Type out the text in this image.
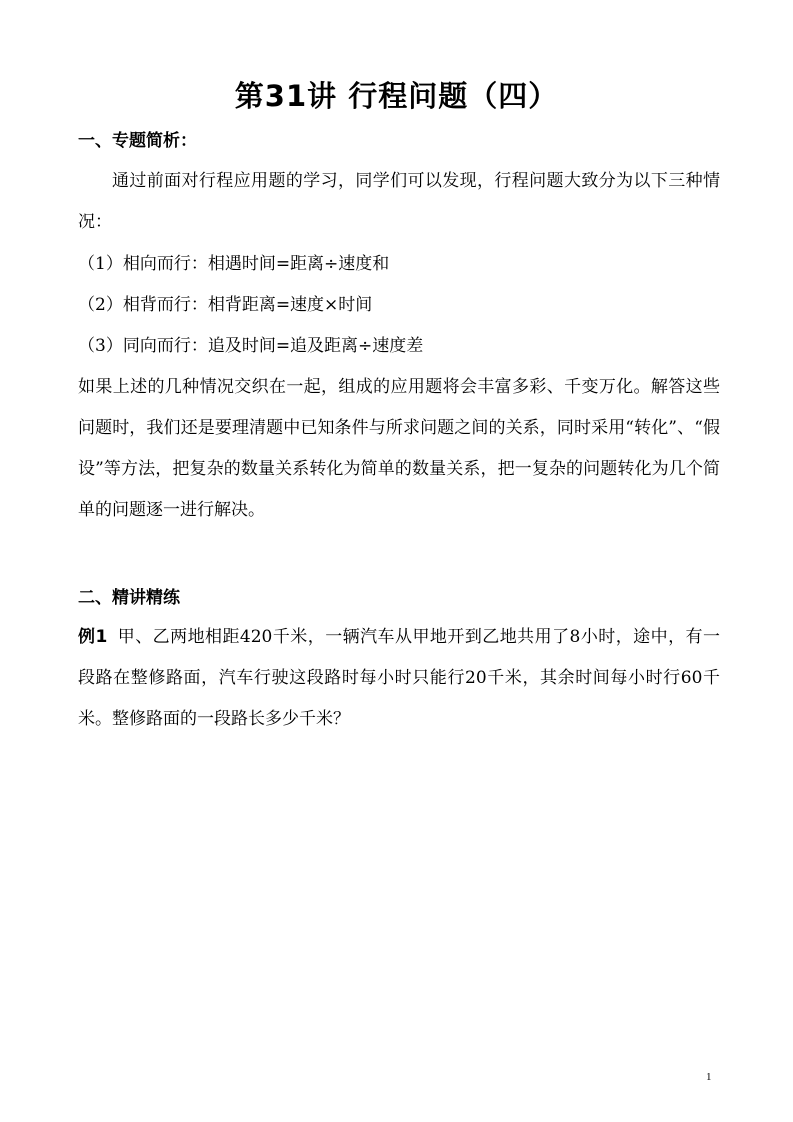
第31讲 行程问题（四）
一、专题简析：
通过前面对行程应用题的学习，同学们可以发现，行程问题大致分为以下三种情况：
（1）相向而行：相遇时间=距离÷速度和
（2）相背而行：相背距离=速度×时间
（3）同向而行：追及时间=追及距离÷速度差
如果上述的几种情况交织在一起，组成的应用题将会丰富多彩、千变万化。解答这些问题时，我们还是要理清题中已知条件与所求问题之间的关系，同时采用“转化”、“假设”等方法，把复杂的数量关系转化为简单的数量关系，把一复杂的问题转化为几个简单的问题逐一进行解决。
二、精讲精练
例1 甲、乙两地相距420千米，一辆汽车从甲地开到乙地共用了8小时，途中，有一段路在整修路面，汽车行驶这段路时每小时只能行20千米，其余时间每小时行60千米。整修路面的一段路长多少千米？
1
